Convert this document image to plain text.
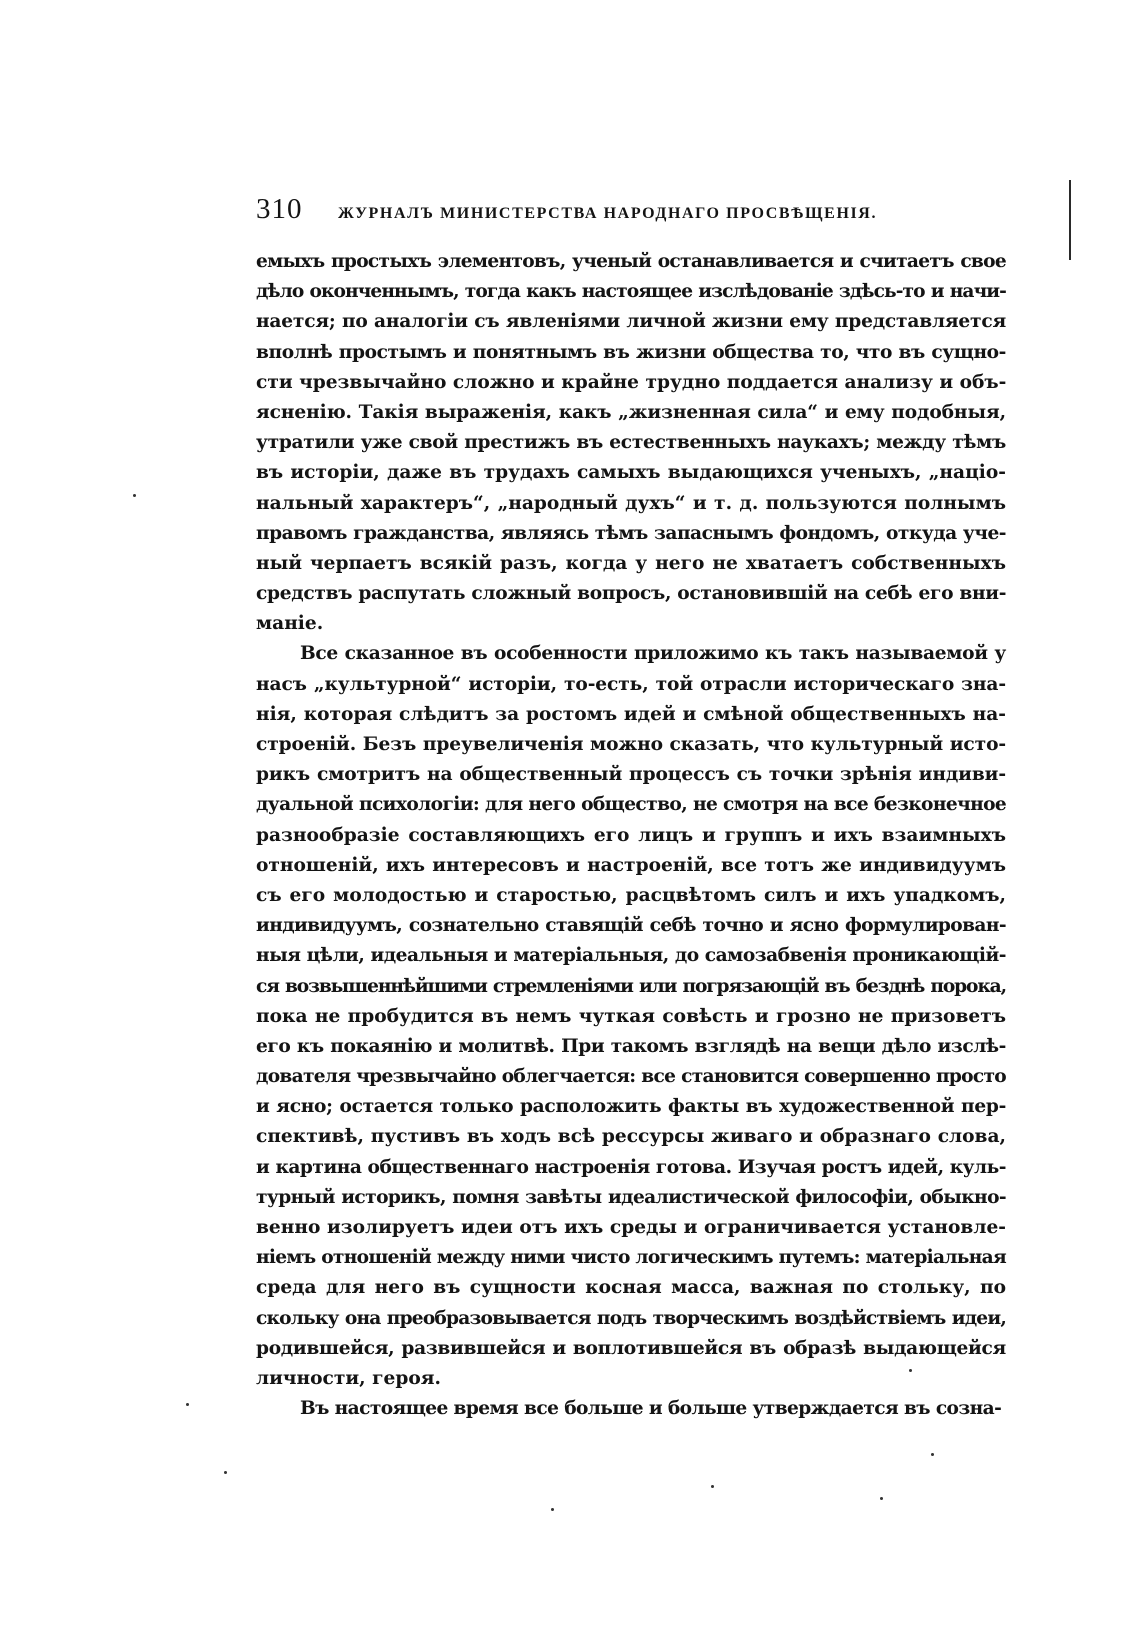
310	ЖУРНАЛЪ МИНИСТЕРСТВА НАРОДНАГО ПРОСВѢЩЕНІЯ.
емыхъ простыхъ элементовъ, ученый останавливается и считаетъ свое
дѣло оконченнымъ, тогда какъ настоящее изслѣдованіе здѣсь-то и начи-
нается; по аналогіи съ явленіями личной жизни ему представляется
вполнѣ простымъ и понятнымъ въ жизни общества то, что въ сущно-
сти чрезвычайно сложно и крайне трудно поддается анализу и объ-
ясненію. Такія выраженія, какъ „жизненная сила“ и ему подобныя,
утратили уже свой престижъ въ естественныхъ наукахъ; между тѣмъ
въ исторіи, даже въ трудахъ самыхъ выдающихся ученыхъ, „націо-
нальный характеръ“, „народный духъ“ и т. д. пользуются полнымъ
правомъ гражданства, являясь тѣмъ запаснымъ фондомъ, откуда уче-
ный черпаетъ всякій разъ, когда у него не хватаетъ собственныхъ
средствъ распутать сложный вопросъ, остановившій на себѣ его вни-
маніе.
Все сказанное въ особенности приложимо къ такъ называемой у
насъ „культурной“ исторіи, то-есть, той отрасли историческаго зна-
нія, которая слѣдитъ за ростомъ идей и смѣной общественныхъ на-
строеній. Безъ преувеличенія можно сказать, что культурный исто-
рикъ смотритъ на общественный процессъ съ точки зрѣнія индиви-
дуальной психологіи: для него общество, не смотря на все безконечное
разнообразіе составляющихъ его лицъ и группъ и ихъ взаимныхъ
отношеній, ихъ интересовъ и настроеній, все тотъ же индивидуумъ
съ его молодостью и старостью, расцвѣтомъ силъ и ихъ упадкомъ,
индивидуумъ, сознательно ставящій себѣ точно и ясно формулирован-
ныя цѣли, идеальныя и матеріальныя, до самозабвенія проникающій-
ся возвышеннѣйшими стремленіями или погрязающій въ безднѣ порока,
пока не пробудится въ немъ чуткая совѣсть и грозно не призоветъ
его къ покаянію и молитвѣ. При такомъ взглядѣ на вещи дѣло изслѣ-
дователя чрезвычайно облегчается: все становится совершенно просто
и ясно; остается только расположить факты въ художественной пер-
спективѣ, пустивъ въ ходъ всѣ рессурсы живаго и образнаго слова,
и картина общественнаго настроенія готова. Изучая ростъ идей, куль-
турный историкъ, помня завѣты идеалистической философіи, обыкно-
венно изолируетъ идеи отъ ихъ среды и ограничивается установле-
ніемъ отношеній между ними чисто логическимъ путемъ: матеріальная
среда для него въ сущности косная масса, важная по стольку, по
скольку она преобразовывается подъ творческимъ воздѣйствіемъ идеи,
родившейся, развившейся и воплотившейся въ образѣ выдающейся
личности, героя.
Въ настоящее время все больше и больше утверждается въ созна-
